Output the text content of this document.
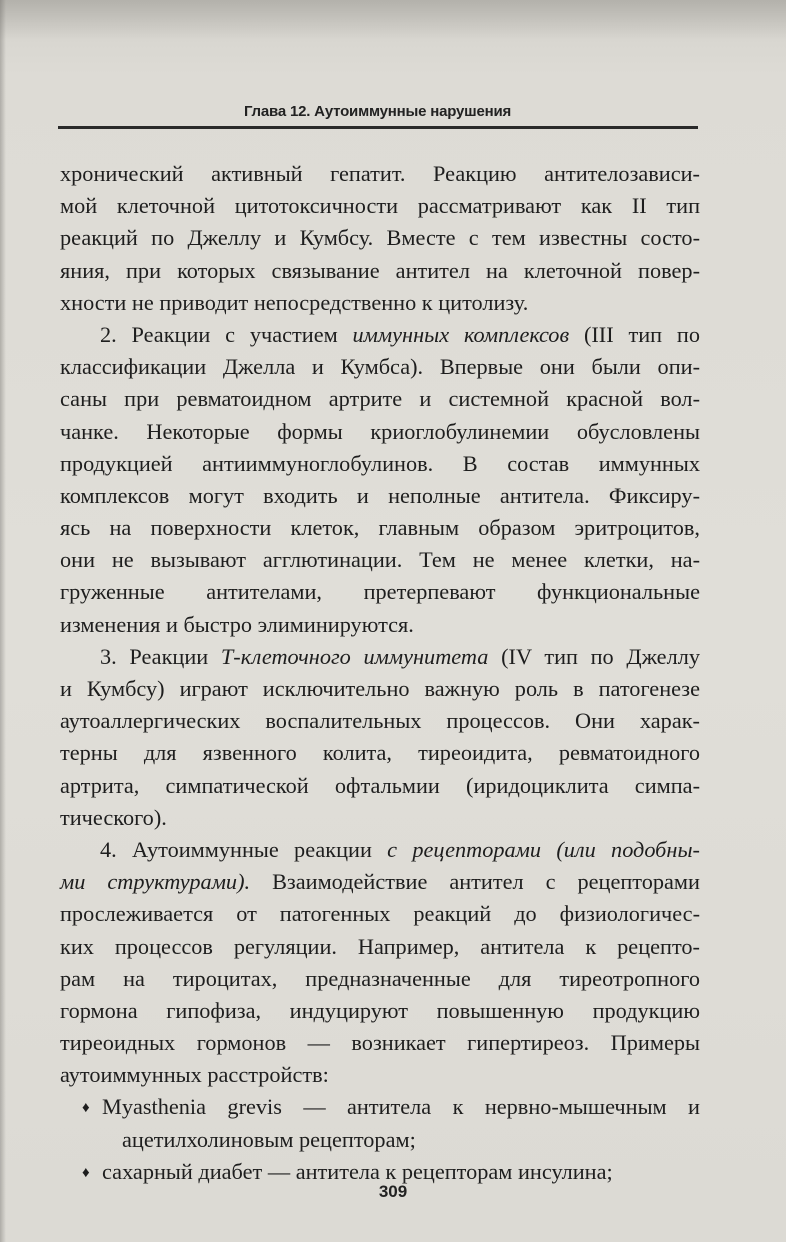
Глава 12. Аутоиммунные нарушения
хронический активный гепатит. Реакцию антителозависи-
мой клеточной цитотоксичности рассматривают как II тип
реакций по Джеллу и Кумбсу. Вместе с тем известны состо-
яния, при которых связывание антител на клеточной повер-
хности не приводит непосредственно к цитолизу.
2. Реакции с участием иммунных комплексов (III тип по
классификации Джелла и Кумбса). Впервые они были опи-
саны при ревматоидном артрите и системной красной вол-
чанке. Некоторые формы криоглобулинемии обусловлены
продукцией антииммуноглобулинов. В состав иммунных
комплексов могут входить и неполные антитела. Фиксиру-
ясь на поверхности клеток, главным образом эритроцитов,
они не вызывают агглютинации. Тем не менее клетки, на-
груженные антителами, претерпевают функциональные
изменения и быстро элиминируются.
3. Реакции Т-клеточного иммунитета (IV тип по Джеллу
и Кумбсу) играют исключительно важную роль в патогенезе
аутоаллергических воспалительных процессов. Они харак-
терны для язвенного колита, тиреоидита, ревматоидного
артрита, симпатической офтальмии (иридоциклита симпа-
тического).
4. Аутоиммунные реакции с рецепторами (или подобны-
ми структурами). Взаимодействие антител с рецепторами
прослеживается от патогенных реакций до физиологичес-
ких процессов регуляции. Например, антитела к рецепто-
рам на тироцитах, предназначенные для тиреотропного
гормона гипофиза, индуцируют повышенную продукцию
тиреоидных гормонов — возникает гипертиреоз. Примеры
аутоиммунных расстройств:
♦ Myasthenia grevis — антитела к нервно-мышечным и
ацетилхолиновым рецепторам;
♦ сахарный диабет — антитела к рецепторам инсулина;
309
